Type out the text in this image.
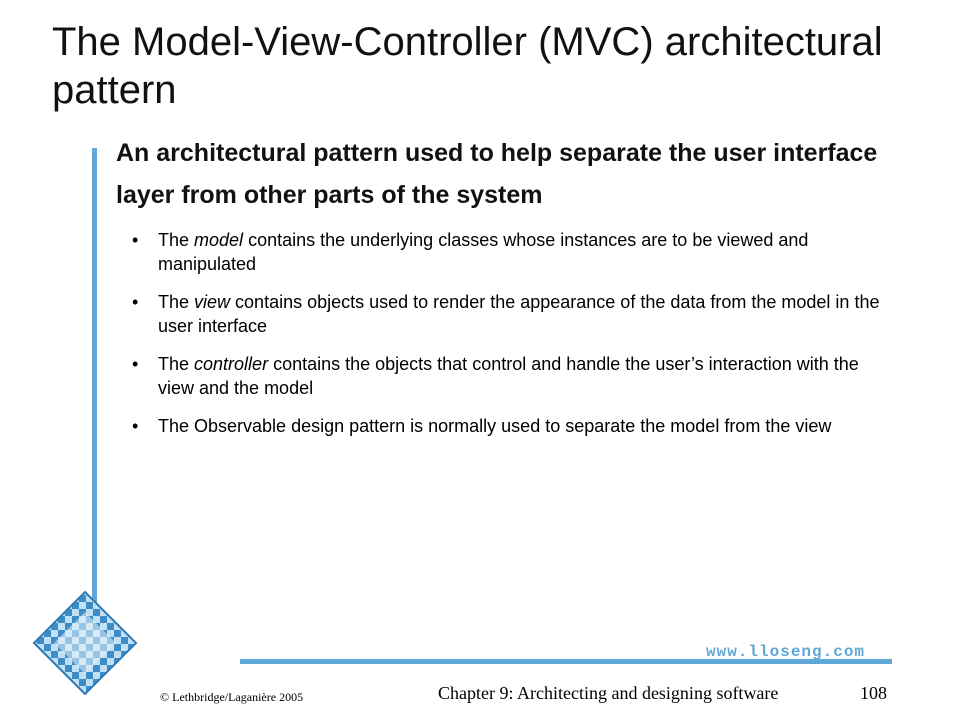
The Model-View-Controller (MVC) architectural pattern
An architectural pattern used to help separate the user interface layer from other parts of the system
• The model contains the underlying classes whose instances are to be viewed and manipulated
• The view contains objects used to render the appearance of the data from the model in the user interface
• The controller contains the objects that control and handle the user’s interaction with the view and the model
• The Observable design pattern is normally used to separate the model from the view
www.lloseng.com
© Lethbridge/Laganière 2005	Chapter 9: Architecting and designing software	108
